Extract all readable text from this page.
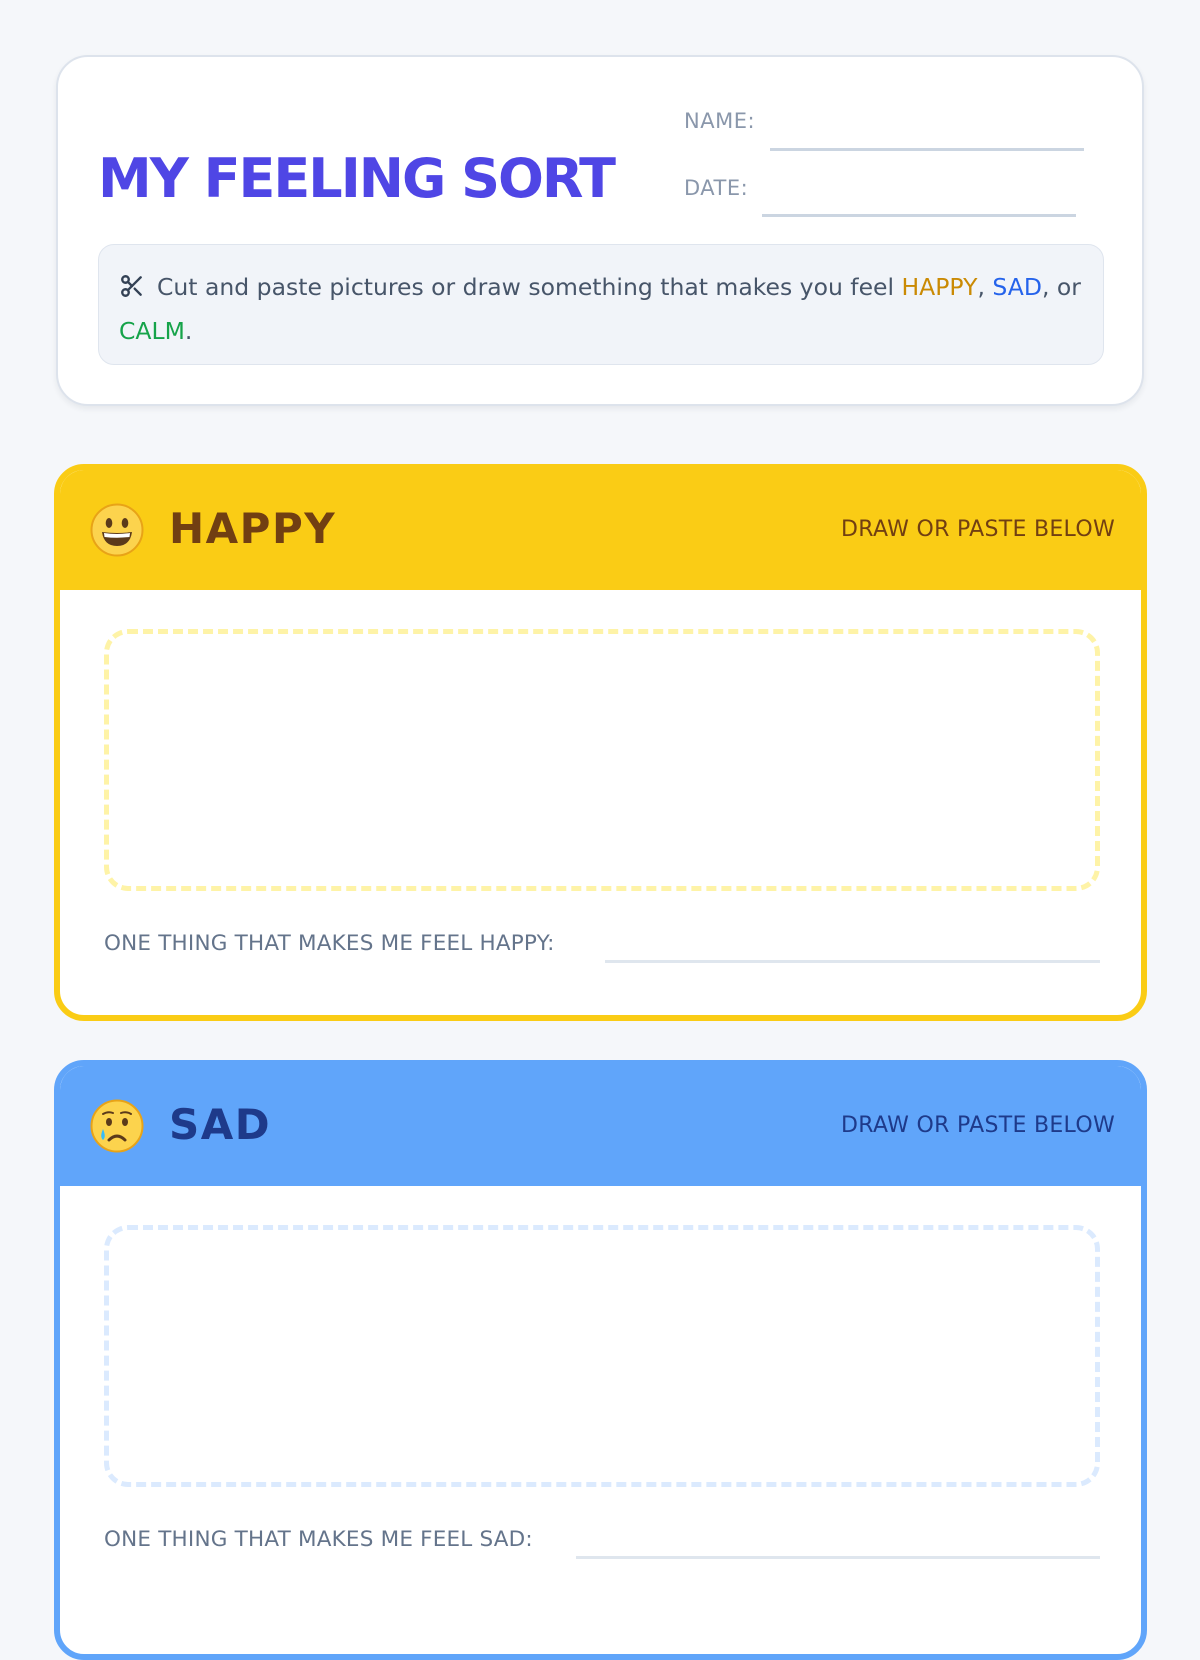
MY FEELING SORT
NAME:
DATE:
Cut and paste pictures or draw something that makes you feel HAPPY, SAD, or CALM.
HAPPY	DRAW OR PASTE BELOW
ONE THING THAT MAKES ME FEEL HAPPY:
SAD	DRAW OR PASTE BELOW
ONE THING THAT MAKES ME FEEL SAD:
